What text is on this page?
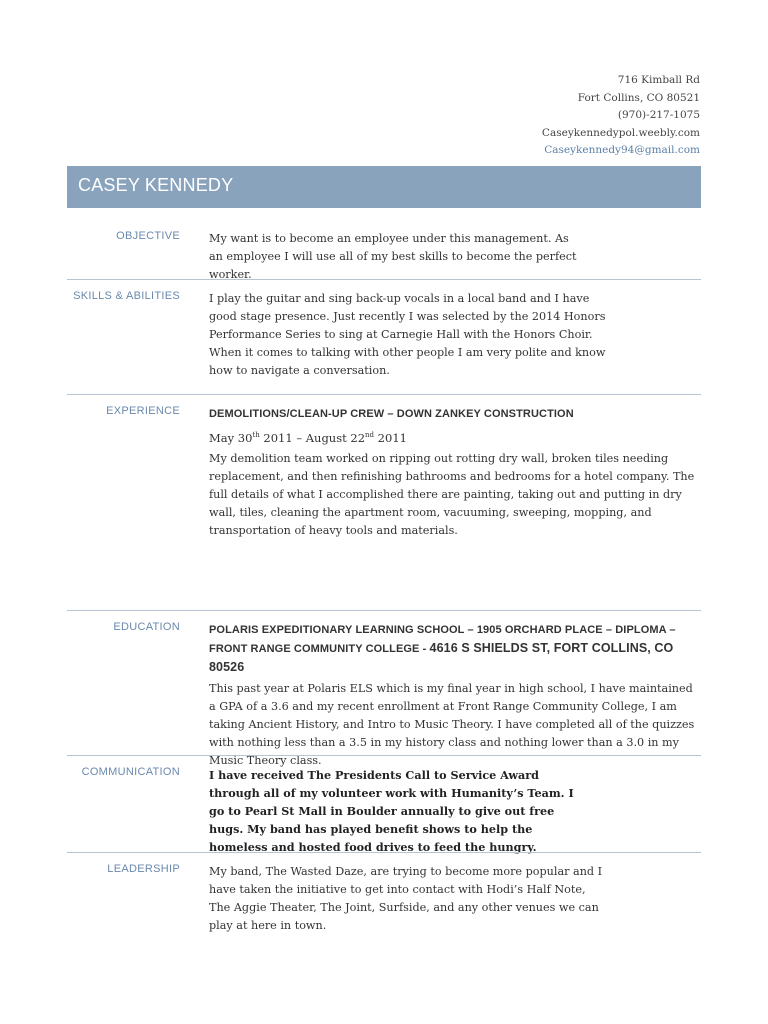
716 Kimball Rd
Fort Collins, CO 80521
(970)-217-1075
Caseykennedypol.weebly.com
Caseykennedy94@gmail.com
CASEY KENNEDY
OBJECTIVE	My want is to become an employee under this management. As an employee I will use all of my best skills to become the perfect worker.
SKILLS & ABILITIES	I play the guitar and sing back-up vocals in a local band and I have good stage presence. Just recently I was selected by the 2014 Honors Performance Series to sing at Carnegie Hall with the Honors Choir. When it comes to talking with other people I am very polite and know how to navigate a conversation.
EXPERIENCE	DEMOLITIONS/CLEAN-UP CREW – DOWN ZANKEY CONSTRUCTION
May 30th 2011 – August 22nd 2011
My demolition team worked on ripping out rotting dry wall, broken tiles needing replacement, and then refinishing bathrooms and bedrooms for a hotel company. The full details of what I accomplished there are painting, taking out and putting in dry wall, tiles, cleaning the apartment room, vacuuming, sweeping, mopping, and transportation of heavy tools and materials.
EDUCATION	POLARIS EXPEDITIONARY LEARNING SCHOOL – 1905 ORCHARD PLACE – DIPLOMA – FRONT RANGE COMMUNITY COLLEGE - 4616 S SHIELDS ST, FORT COLLINS, CO 80526
This past year at Polaris ELS which is my final year in high school, I have maintained a GPA of a 3.6 and my recent enrollment at Front Range Community College, I am taking Ancient History, and Intro to Music Theory. I have completed all of the quizzes with nothing less than a 3.5 in my history class and nothing lower than a 3.0 in my Music Theory class.
COMMUNICATION	I have received The Presidents Call to Service Award through all of my volunteer work with Humanity’s Team. I go to Pearl St Mall in Boulder annually to give out free hugs. My band has played benefit shows to help the homeless and hosted food drives to feed the hungry.
LEADERSHIP	My band, The Wasted Daze, are trying to become more popular and I have taken the initiative to get into contact with Hodi’s Half Note, The Aggie Theater, The Joint, Surfside, and any other venues we can play at here in town.
